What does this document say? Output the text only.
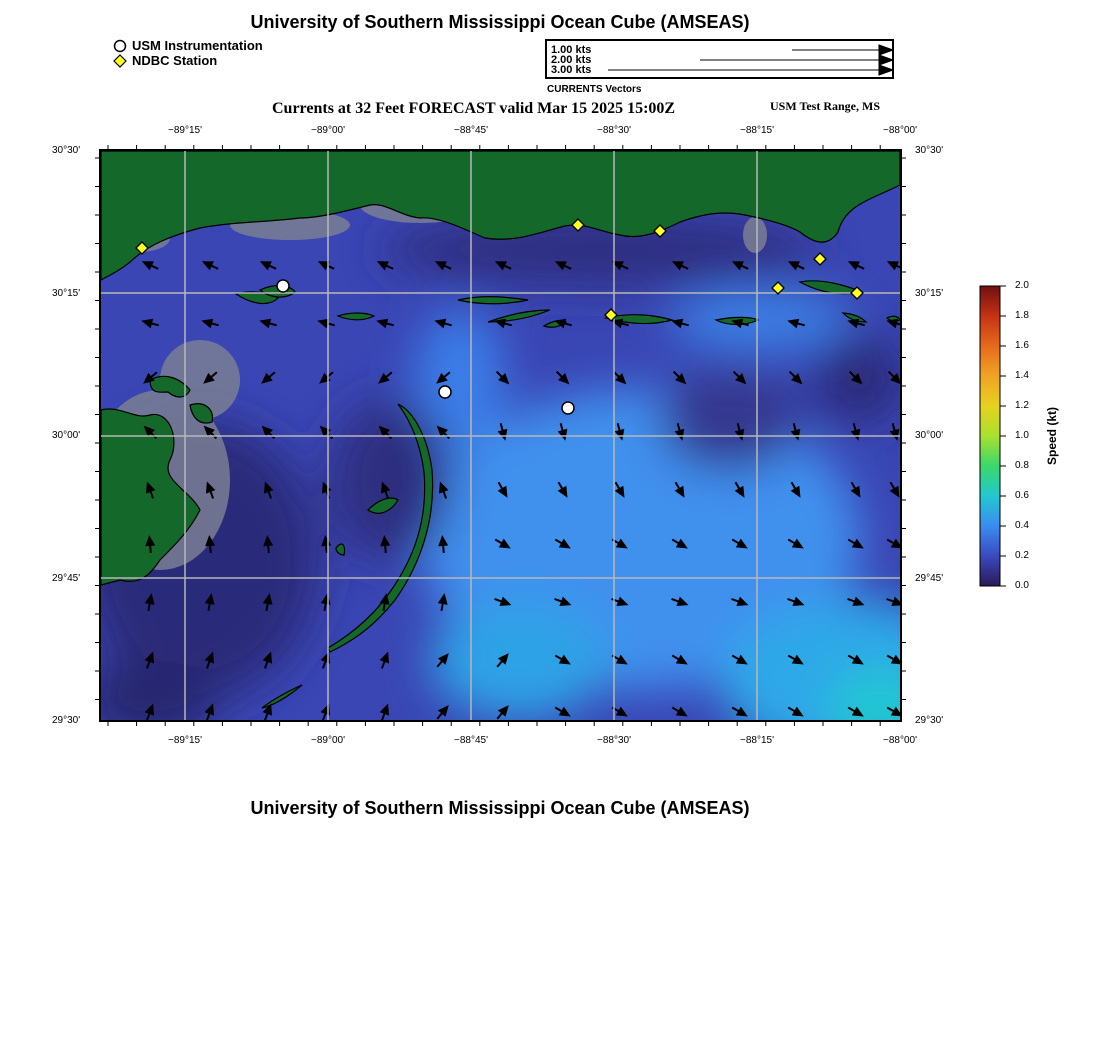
University of Southern Mississippi Ocean Cube (AMSEAS)
USM Instrumentation
NDBC Station
1.00 kts
2.00 kts
3.00 kts
CURRENTS Vectors
Currents at 32 Feet FORECAST valid Mar 15 2025 15:00Z	USM Test Range, MS
−89°15'	−89°00'	−88°45'	−88°30'	−88°15'	−88°00'
−89°15'	−89°00'	−88°45'	−88°30'	−88°15'	−88°00'
30°30'
30°15'
30°00'
29°45'
29°30'
30°30'
30°15'
30°00'
29°45'
29°30'
2.0
1.8
1.6
1.4
1.2
1.0
0.8
0.6
0.4
0.2
0.0
Speed (kt)
University of Southern Mississippi Ocean Cube (AMSEAS)
